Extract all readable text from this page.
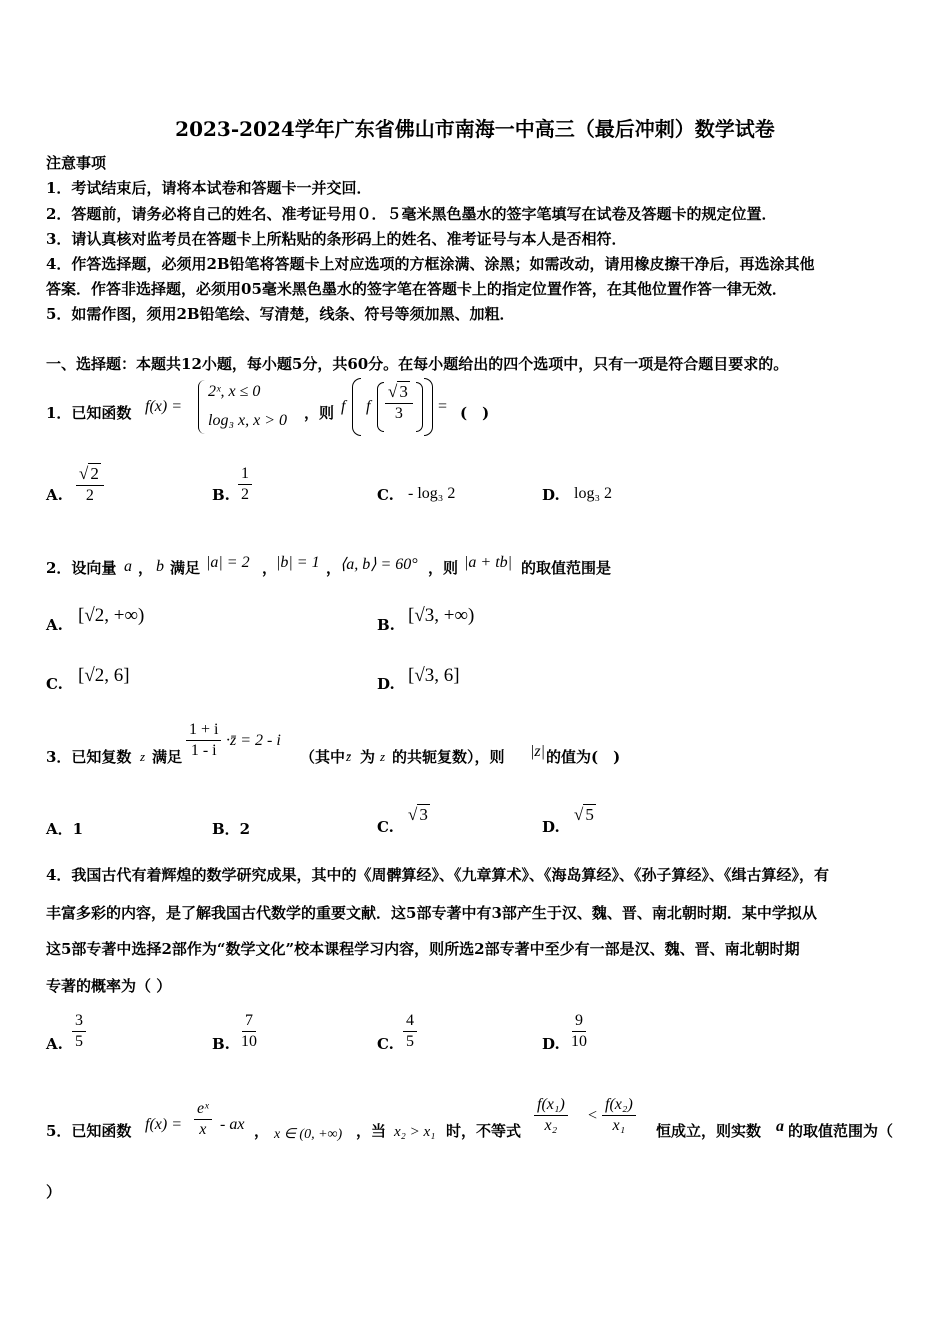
2023-2024学年广东省佛山市南海一中高三（最后冲刺）数学试卷
注意事项
1．考试结束后，请将本试卷和答题卡一并交回．
2．答题前，请务必将自己的姓名、准考证号用０．５毫米黑色墨水的签字笔填写在试卷及答题卡的规定位置．
3．请认真核对监考员在答题卡上所粘贴的条形码上的姓名、准考证号与本人是否相符．
4．作答选择题，必须用2B铅笔将答题卡上对应选项的方框涂满、涂黑；如需改动，请用橡皮擦干净后，再选涂其他
答案．作答非选择题，必须用05毫米黑色墨水的签字笔在答题卡上的指定位置作答，在其他位置作答一律无效．
5．如需作图，须用2B铅笔绘、写清楚，线条、符号等须加黑、加粗．
一、选择题：本题共12小题，每小题5分，共60分。在每小题给出的四个选项中，只有一项是符合题目要求的。
1．已知函数 f(x) =
2ˣ, x ≤ 0
log₃ x, x > 0 ，则 f f $\frac{√ 3}{3}$ = (　)
A. $\frac{√ 2}{2}$	B. $\frac{1}{2}$	C. - log₃ 2	D. log₃ 2
2．设向量 a ， b 满足 |a| = 2 ，
|b| = 1 ，
⟨a, b⟩ = 60° ，则 |a + tb| 的取值范围是
A. [√2, +∞)	B. [√3, +∞)
C. [√2, 6]	D. [√3, 6]
3．已知复数 z 满足 $\frac{1 + i}{1 - i}$ ·z̄ = 2 - i
（其中 z̄ 为 z 的共轭复数），则 |z| 的值为(　)
A．1	B．2	C.
√ 3
D.
√ 5
4．我国古代有着辉煌的数学研究成果，其中的《周髀算经》、《九章算术》、《海岛算经》、《孙子算经》、《缉古算经》，有
丰富多彩的内容，是了解我国古代数学的重要文献．这5部专著中有3部产生于汉、魏、晋、南北朝时期．某中学拟从
这5部专著中选择2部作为“数学文化”校本课程学习内容，则所选2部专著中至少有一部是汉、魏、晋、南北朝时期
专著的概率为（ ）
A. $\frac{3}{5}$	B. $\frac{7}{10}$	C. $\frac{4}{5}$	D. $\frac{9}{10}$
5．已知函数 $f(x) = \frac{\text{eˣ}}{x}$ - ax ， x ∈ (0, +∞) ，当 x₂ > x₁ 时，不等式 $\frac{\text{f(x₁)}}{\text{x₂}} < \frac{\text{f(x₂)}}{\text{x₁}}$ 恒成立，则实数 a 的取值范围为（
）
